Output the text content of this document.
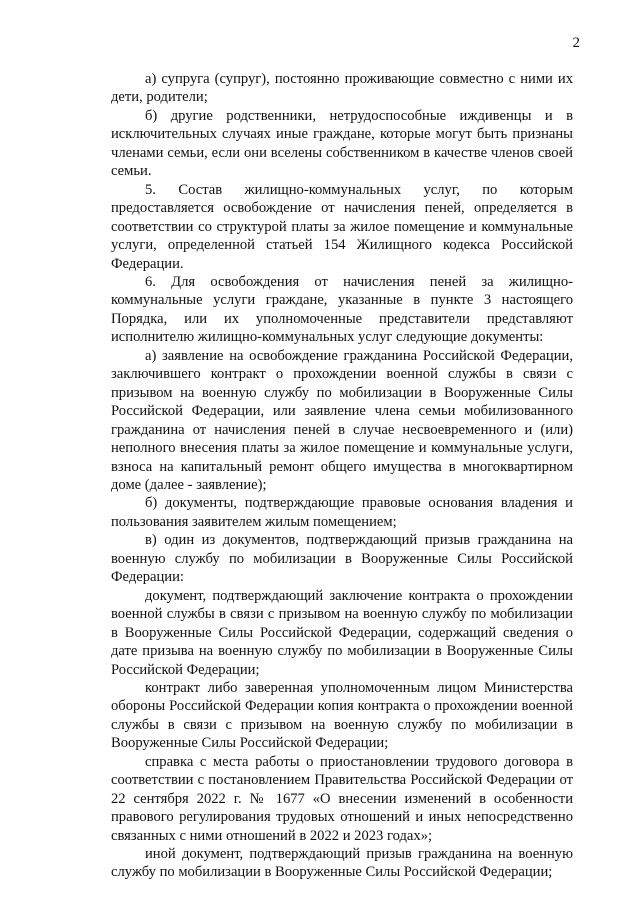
2

а) супруга (супруг), постоянно проживающие совместно с ними их дети, родители;

б) другие родственники, нетрудоспособные иждивенцы и в исключительных случаях иные граждане, которые могут быть признаны членами семьи, если они вселены собственником в качестве членов своей семьи.

5. Состав жилищно-коммунальных услуг, по которым предоставляется освобождение от начисления пеней, определяется в соответствии со структурой платы за жилое помещение и коммунальные услуги, определенной статьей 154 Жилищного кодекса Российской Федерации.

6. Для освобождения от начисления пеней за жилищно-коммунальные услуги граждане, указанные в пункте 3 настоящего Порядка, или их уполномоченные представители представляют исполнителю жилищно-коммунальных услуг следующие документы:

а) заявление на освобождение гражданина Российской Федерации, заключившего контракт о прохождении военной службы в связи с призывом на военную службу по мобилизации в Вооруженные Силы Российской Федерации, или заявление члена семьи мобилизованного гражданина от начисления пеней в случае несвоевременного и (или) неполного внесения платы за жилое помещение и коммунальные услуги, взноса на капитальный ремонт общего имущества в многоквартирном доме (далее - заявление);

б) документы, подтверждающие правовые основания владения и пользования заявителем жилым помещением;

в) один из документов, подтверждающий призыв гражданина на военную службу по мобилизации в Вооруженные Силы Российской Федерации:

документ, подтверждающий заключение контракта о прохождении военной службы в связи с призывом на военную службу по мобилизации в Вооруженные Силы Российской Федерации, содержащий сведения о дате призыва на военную службу по мобилизации в Вооруженные Силы Российской Федерации;

контракт либо заверенная уполномоченным лицом Министерства обороны Российской Федерации копия контракта о прохождении военной службы в связи с призывом на военную службу по мобилизации в Вооруженные Силы Российской Федерации;

справка с места работы о приостановлении трудового договора в соответствии с постановлением Правительства Российской Федерации от 22 сентября 2022 г. № 1677 «О внесении изменений в особенности правового регулирования трудовых отношений и иных непосредственно связанных с ними отношений в 2022 и 2023 годах»;

иной документ, подтверждающий призыв гражданина на военную службу по мобилизации в Вооруженные Силы Российской Федерации;
